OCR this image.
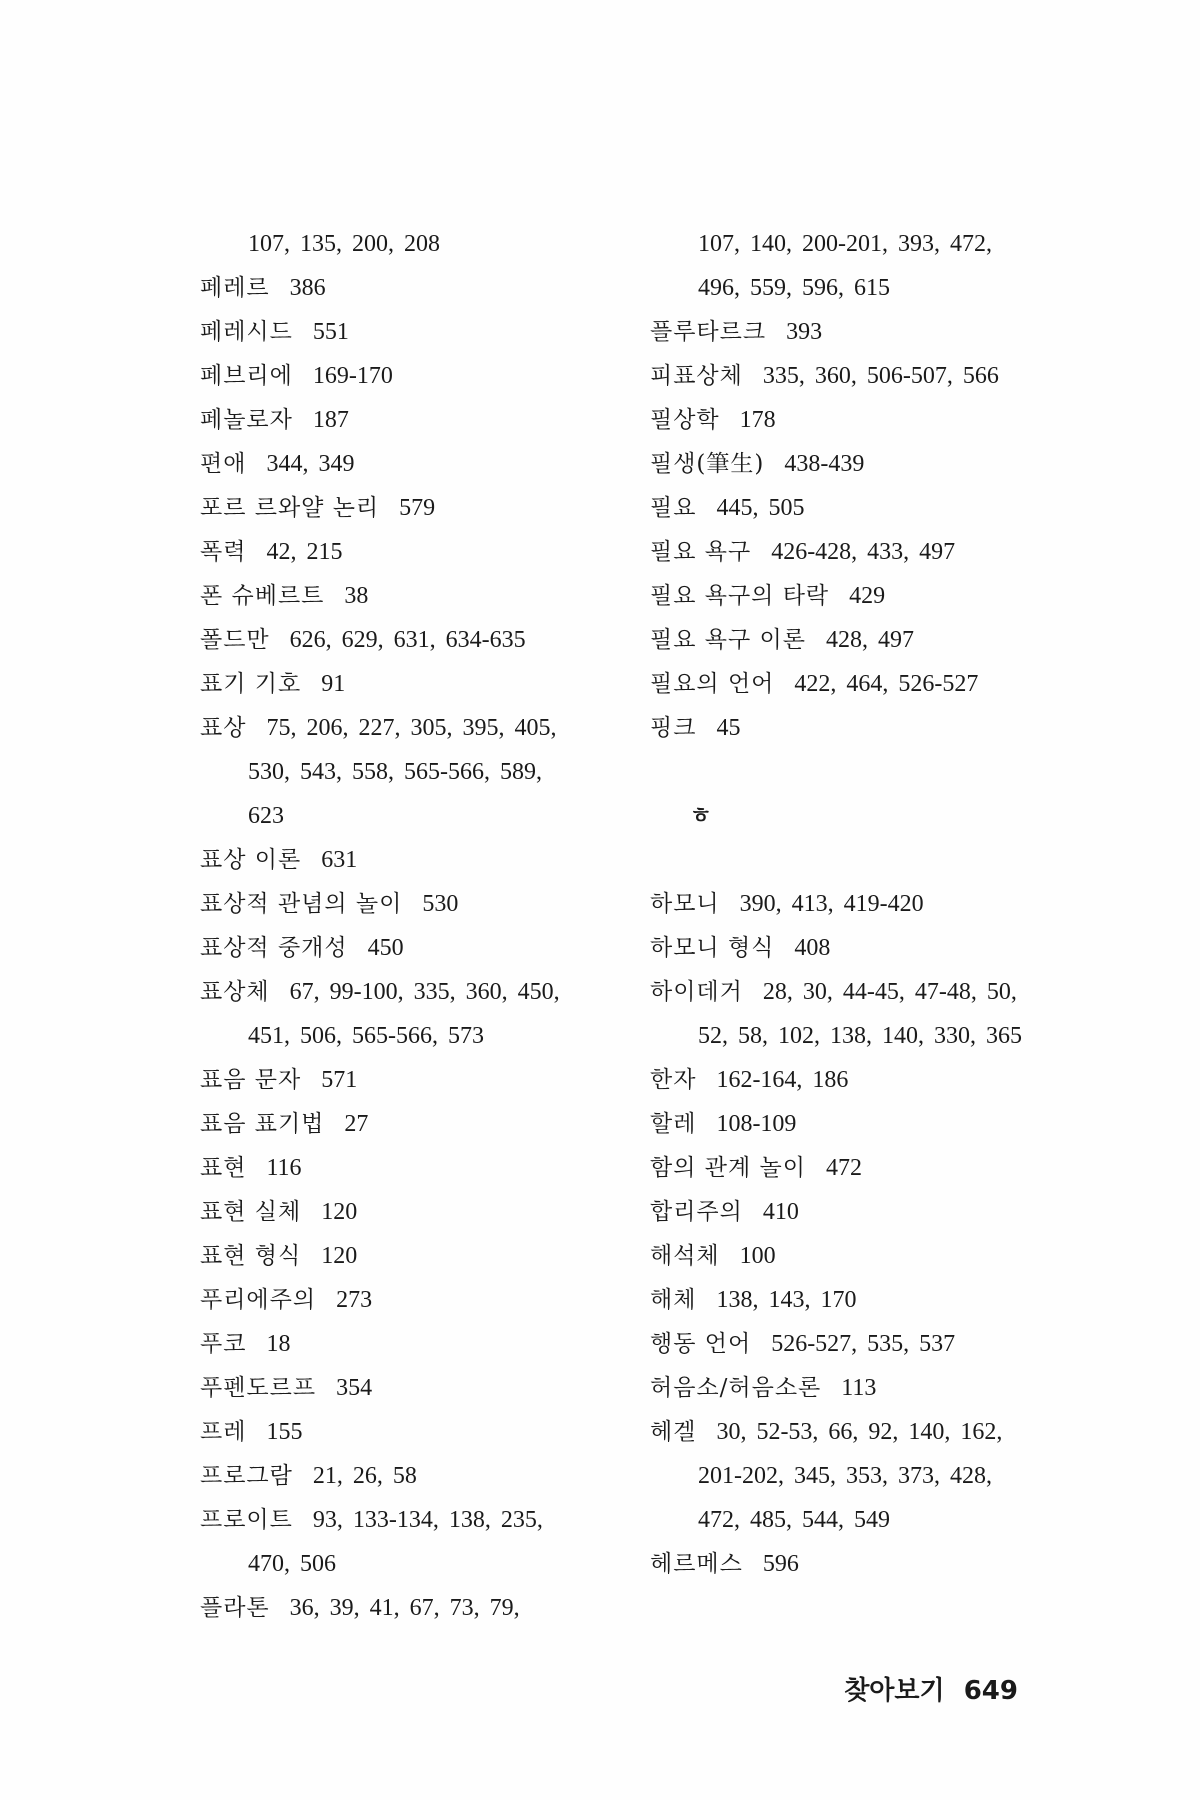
107, 135, 200, 208
페레르 386
페레시드 551
페브리에 169-170
페놀로자 187
편애 344, 349
포르 르와얄 논리 579
폭력 42, 215
폰 슈베르트 38
폴드만 626, 629, 631, 634-635
표기 기호 91
표상 75, 206, 227, 305, 395, 405,
530, 543, 558, 565-566, 589,
623
표상 이론 631
표상적 관념의 놀이 530
표상적 중개성 450
표상체 67, 99-100, 335, 360, 450,
451, 506, 565-566, 573
표음 문자 571
표음 표기법 27
표현 116
표현 실체 120
표현 형식 120
푸리에주의 273
푸코 18
푸펜도르프 354
프레 155
프로그람 21, 26, 58
프로이트 93, 133-134, 138, 235,
470, 506
플라톤 36, 39, 41, 67, 73, 79,
107, 140, 200-201, 393, 472,
496, 559, 596, 615
플루타르크 393
피표상체 335, 360, 506-507, 566
필상학 178
필생(筆生) 438-439
필요 445, 505
필요 욕구 426-428, 433, 497
필요 욕구의 타락 429
필요 욕구 이론 428, 497
필요의 언어 422, 464, 526-527
핑크 45
ㅎ
하모니 390, 413, 419-420
하모니 형식 408
하이데거 28, 30, 44-45, 47-48, 50,
52, 58, 102, 138, 140, 330, 365
한자 162-164, 186
할레 108-109
함의 관계 놀이 472
합리주의 410
해석체 100
해체 138, 143, 170
행동 언어 526-527, 535, 537
허음소/허음소론 113
헤겔 30, 52-53, 66, 92, 140, 162,
201-202, 345, 353, 373, 428,
472, 485, 544, 549
헤르메스 596
찾아보기 649
